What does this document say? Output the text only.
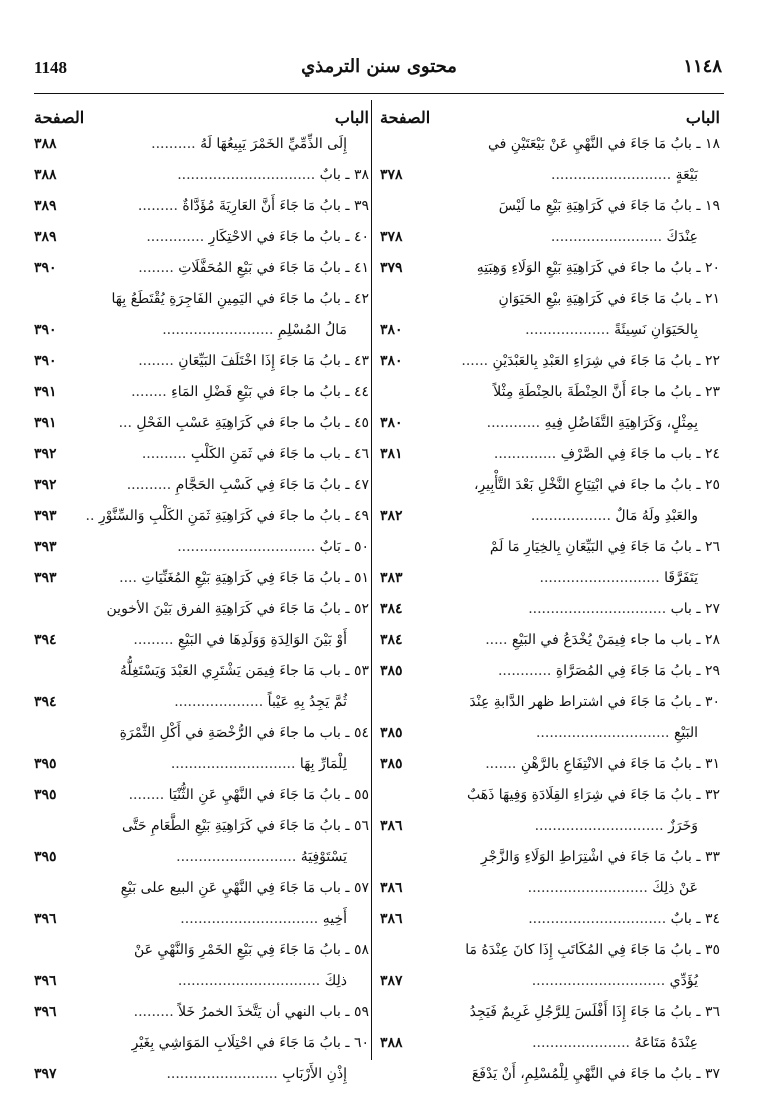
1148	محتوى سنن الترمذي	١١٤٨
الباب
الصفحة
١٨ ـ بابُ مَا جَاءَ في النَّهْيِ عَنْ بَيْعَتَيْنِ في
بَيْعَةٍ ...........................
٣٧٨
١٩ ـ بابُ مَا جَاءَ في كَرَاهِيَةِ بَيْعِ ما لَيْسَ
عِنْدَكَ .........................
٣٧٨
٢٠ ـ بابُ ما جاءَ في كَرَاهِيَةِ بَيْعِ الوَلَاءِ وَهِبَتِهِ
٣٧٩
٢١ ـ بابُ مَا جَاءَ في كَرَاهِيَةِ بيْعِ الحَيَوَانِ
بِالحَيَوَانِ نَسِيئَةً ...................
٣٨٠
٢٢ ـ بابُ مَا جَاءَ في شِرَاءِ العَبْدِ بِالعَبْدَيْنِ ......
٣٨٠
٢٣ ـ بابُ ما جاءَ أَنَّ الحِنْطَةَ بالحِنْطَةِ مِثْلاً
بِمِثْلٍ، وَكَرَاهِيَةِ التَّفَاضُلِ فِيهِ ............
٣٨٠
٢٤ ـ باب ما جَاءَ فِي الصَّرْفِ ..............
٣٨١
٢٥ ـ بابُ ما جاءَ في ابْتِيَاعِ النَّخْلِ بَعْدَ التَّأْبِيرِ،
والعَبْدِ ولَهُ مَالٌ ..................
٣٨٢
٢٦ ـ بابُ مَا جَاءَ فِي البَيِّعَانِ بِالخِيَارِ مَا لَمْ
يَتَفَرَّقَا ...........................
٣٨٣
٢٧ ـ باب ...............................
٣٨٤
٢٨ ـ باب ما جاء فِيمَنْ يُخْدَعُ في البَيْعِ .....
٣٨٤
٢٩ ـ بابُ مَا جَاءَ فِي المُصَرَّاةِ ............
٣٨٥
٣٠ ـ بابُ مَا جَاءَ في اشتراط ظهر الدَّابةِ عِنْدَ
البَيْعِ ..............................
٣٨٥
٣١ ـ بابُ مَا جَاءَ في الانْتِفَاعِ بالرَّهْنِ .......
٣٨٥
٣٢ ـ بابُ مَا جَاءَ في شِرَاءِ القِلَادَةِ وَفِيهَا ذَهَبٌ
وَخَرَزٌ .............................
٣٨٦
٣٣ ـ بابُ مَا جَاءَ في اشْتِرَاطِ الوَلَاءِ وَالزَّجْرِ
عَنْ ذلِكَ ...........................
٣٨٦
٣٤ ـ بابٌ ...............................
٣٨٦
٣٥ ـ بابُ مَا جَاءَ فِي المُكَاتَبِ إِذَا كانَ عِنْدَهُ مَا
يُؤَدِّي ..............................
٣٨٧
٣٦ ـ بابُ مَا جَاءَ إِذَا أَفْلَسَ لِلرَّجُلِ غَرِيمٌ فَيَجِدُ
عِنْدَهُ مَتَاعَهُ ......................
٣٨٨
٣٧ ـ بابُ ما جَاءَ في النَّهْيِ لِلْمُسْلِمِ، أَنْ يَدْفَعَ
الباب
الصفحة
إِلَى الذِّمِّيِّ الخَمْرَ يَبِيعُهَا لَهُ ..........
٣٨٨
٣٨ ـ بابٌ ...............................
٣٨٨
٣٩ ـ بابُ مَا جَاءَ أَنَّ العَارِيَةَ مُؤَدَّاةٌ .........
٣٨٩
٤٠ ـ بابُ ما جَاءَ في الاحْتِكَارِ .............
٣٨٩
٤١ ـ بابُ مَا جَاءَ في بَيْعِ المُحَفَّلَاتِ ........
٣٩٠
٤٢ ـ بابُ ما جَاءَ في اليَمِينِ الفَاجِرَةِ يُقْتَطَعُ بِهَا
مَالُ المُسْلِمِ .........................
٣٩٠
٤٣ ـ بابُ مَا جَاءَ إِذَا اخْتَلَفَ البَيِّعَانِ ........
٣٩٠
٤٤ ـ بابُ ما جاءَ في بَيْعِ فَضْلِ المَاءِ ........
٣٩١
٤٥ ـ بابُ ما جاءَ في كَرَاهِيَةِ عَسْبِ الفَحْلِ ...
٣٩١
٤٦ ـ باب ما جَاءَ في ثَمَنِ الكَلْبِ ..........
٣٩٢
٤٧ ـ بابُ مَا جَاءَ فِي كَسْبِ الحَجَّامِ ..........
٣٩٢
٤٩ ـ بابُ ما جاءَ في كَرَاهِيَةِ ثَمَنِ الكَلْبِ وَالسِّنَّوْرِ ..
٣٩٣
٥٠ ـ بَابٌ ...............................
٣٩٣
٥١ ـ بابُ مَا جَاءَ فِي كَرَاهِيَةِ بَيْعِ المُغَنِّيَاتِ ....
٣٩٣
٥٢ ـ بابُ مَا جَاءَ في كَرَاهِيَةِ الفرق بَيْنَ الأخوين
أَوْ بَيْنَ الوَالِدَةِ وَوَلَدِهَا في البَيْعِ .........
٣٩٤
٥٣ ـ باب مَا جاءَ فِيمَن يَشْتَرِي العَبْدَ وَيَسْتَغِلُّهُ
ثُمَّ يَجِدُ بِهِ عَيْباً ....................
٣٩٤
٥٤ ـ باب ما جاءَ في الرُّخْصَةِ في أَكْلِ الثَّمْرَةِ
لِلْمَارِّ بِهَا ............................
٣٩٥
٥٥ ـ بابُ مَا جَاءَ في النَّهْيِ عَنِ الثُّنْيَا ........
٣٩٥
٥٦ ـ بابُ مَا جَاءَ في كَرَاهِيَةِ بَيْعِ الطَّعَامِ حَتَّى
يَسْتَوْفِيَهُ ...........................
٣٩٥
٥٧ ـ باب مَا جَاءَ فِي النَّهْيِ عَنِ البيع على بَيْعِ
أَخِيهِ ...............................
٣٩٦
٥٨ ـ بابُ مَا جَاءَ فِي بَيْعِ الخَمْرِ وَالنَّهْيِ عَنْ
ذلِكَ ................................
٣٩٦
٥٩ ـ باب النهي أن يَتَّخذَ الخمرُ خَلاً .........
٣٩٦
٦٠ ـ بابُ مَا جَاءَ في احْتِلَابِ المَوَاشِي بِغَيْرِ
إِذْنِ الأَرْبَابِ .........................
٣٩٧
